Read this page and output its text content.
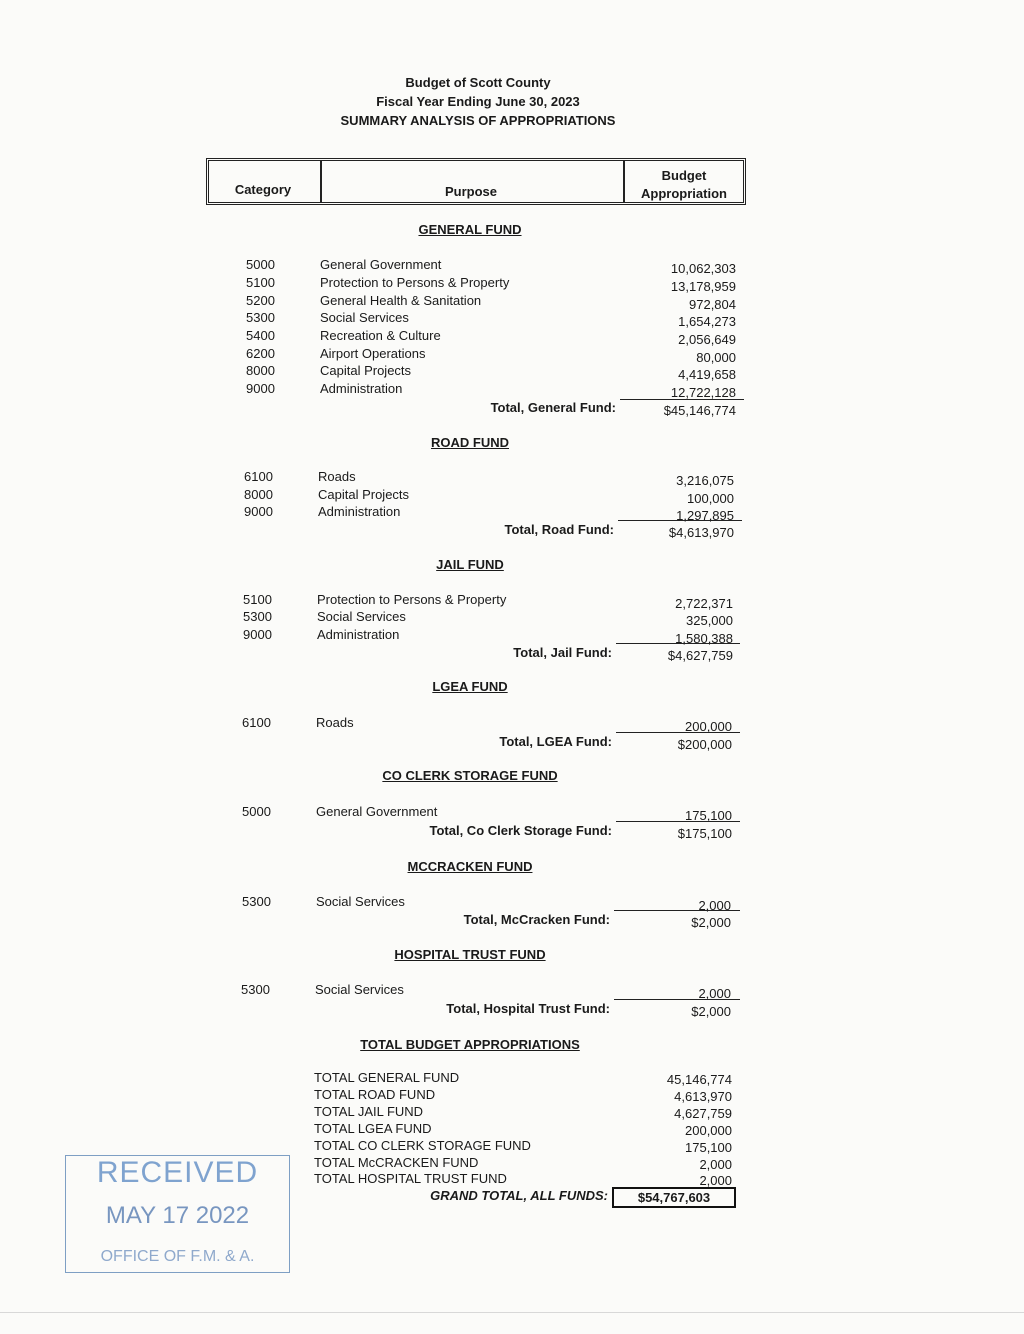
Budget of Scott County
Fiscal Year Ending June 30, 2023
SUMMARY ANALYSIS OF APPROPRIATIONS
Category	Purpose
Budget
Appropriation
GENERAL FUND
5000	General Government	10,062,303
5100	Protection to Persons & Property	13,178,959
5200	General Health & Sanitation	972,804
5300	Social Services	1,654,273
5400	Recreation & Culture	2,056,649
6200	Airport Operations	80,000
8000	Capital Projects	4,419,658
9000	Administration	12,722,128
Total, General Fund:	$45,146,774
ROAD FUND
6100	Roads	3,216,075
8000	Capital Projects	100,000
9000	Administration	1,297,895
Total, Road Fund:	$4,613,970
JAIL FUND
5100	Protection to Persons & Property	2,722,371
5300	Social Services	325,000
9000	Administration	1,580,388
Total, Jail Fund:	$4,627,759
LGEA FUND
6100	Roads	200,000
Total, LGEA Fund:	$200,000
CO CLERK STORAGE FUND
5000	General Government	175,100
Total, Co Clerk Storage Fund:	$175,100
MCCRACKEN FUND
5300	Social Services	2,000
Total, McCracken Fund:	$2,000
HOSPITAL TRUST FUND
5300	Social Services	2,000
Total, Hospital Trust Fund:	$2,000
TOTAL BUDGET APPROPRIATIONS
TOTAL GENERAL FUND	45,146,774
TOTAL ROAD FUND	4,613,970
TOTAL JAIL FUND	4,627,759
TOTAL LGEA FUND	200,000
TOTAL CO CLERK STORAGE FUND	175,100
TOTAL McCRACKEN FUND	2,000
TOTAL HOSPITAL TRUST FUND	2,000
GRAND TOTAL, ALL FUNDS:	$54,767,603
RECEIVED
MAY 17 2022
OFFICE OF F.M. & A.
